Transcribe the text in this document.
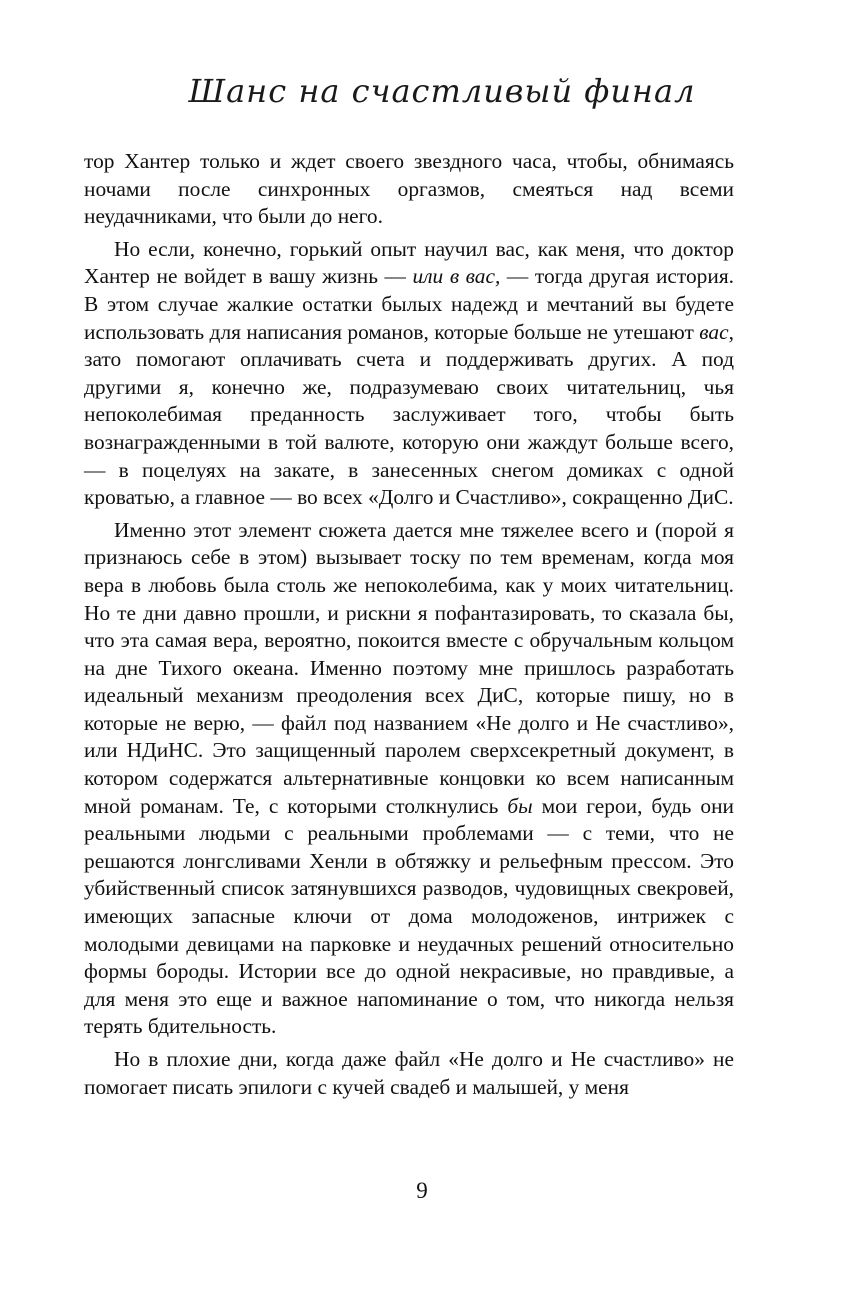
Шанс на счастливый финал

тор Хантер только и ждет своего звездного часа, чтобы, обнимаясь ночами после синхронных оргазмов, смеяться над всеми неудачниками, что были до него.

Но если, конечно, горький опыт научил вас, как меня, что доктор Хантер не войдет в вашу жизнь — или в вас, — тогда другая история. В этом случае жалкие остатки былых надежд и мечтаний вы будете использовать для написания романов, которые больше не утешают вас, зато помогают оплачивать счета и поддерживать других. А под другими я, конечно же, подразумеваю своих читательниц, чья непоколебимая преданность заслуживает того, чтобы быть вознагражденными в той валюте, которую они жаждут больше всего, — в поцелуях на закате, в занесенных снегом домиках с одной кроватью, а главное — во всех «Долго и Счастливо», сокращенно ДиС.

Именно этот элемент сюжета дается мне тяжелее всего и (порой я признаюсь себе в этом) вызывает тоску по тем временам, когда моя вера в любовь была столь же непоколебима, как у моих читательниц. Но те дни давно прошли, и рискни я пофантазировать, то сказала бы, что эта самая вера, вероятно, покоится вместе с обручальным кольцом на дне Тихого океана. Именно поэтому мне пришлось разработать идеальный механизм преодоления всех ДиС, которые пишу, но в которые не верю, — файл под названием «Не долго и Не счастливо», или НДиНС. Это защищенный паролем сверхсекретный документ, в котором содержатся альтернативные концовки ко всем написанным мной романам. Те, с которыми столкнулись бы мои герои, будь они реальными людьми с реальными проблемами — с теми, что не решаются лонгсливами Хенли в обтяжку и рельефным прессом. Это убийственный список затянувшихся разводов, чудовищных свекровей, имеющих запасные ключи от дома молодоженов, интрижек с молодыми девицами на парковке и неудачных решений относительно формы бороды. Истории все до одной некрасивые, но правдивые, а для меня это еще и важное напоминание о том, что никогда нельзя терять бдительность.

Но в плохие дни, когда даже файл «Не долго и Не счастливо» не помогает писать эпилоги с кучей свадеб и малышей, у меня

9
